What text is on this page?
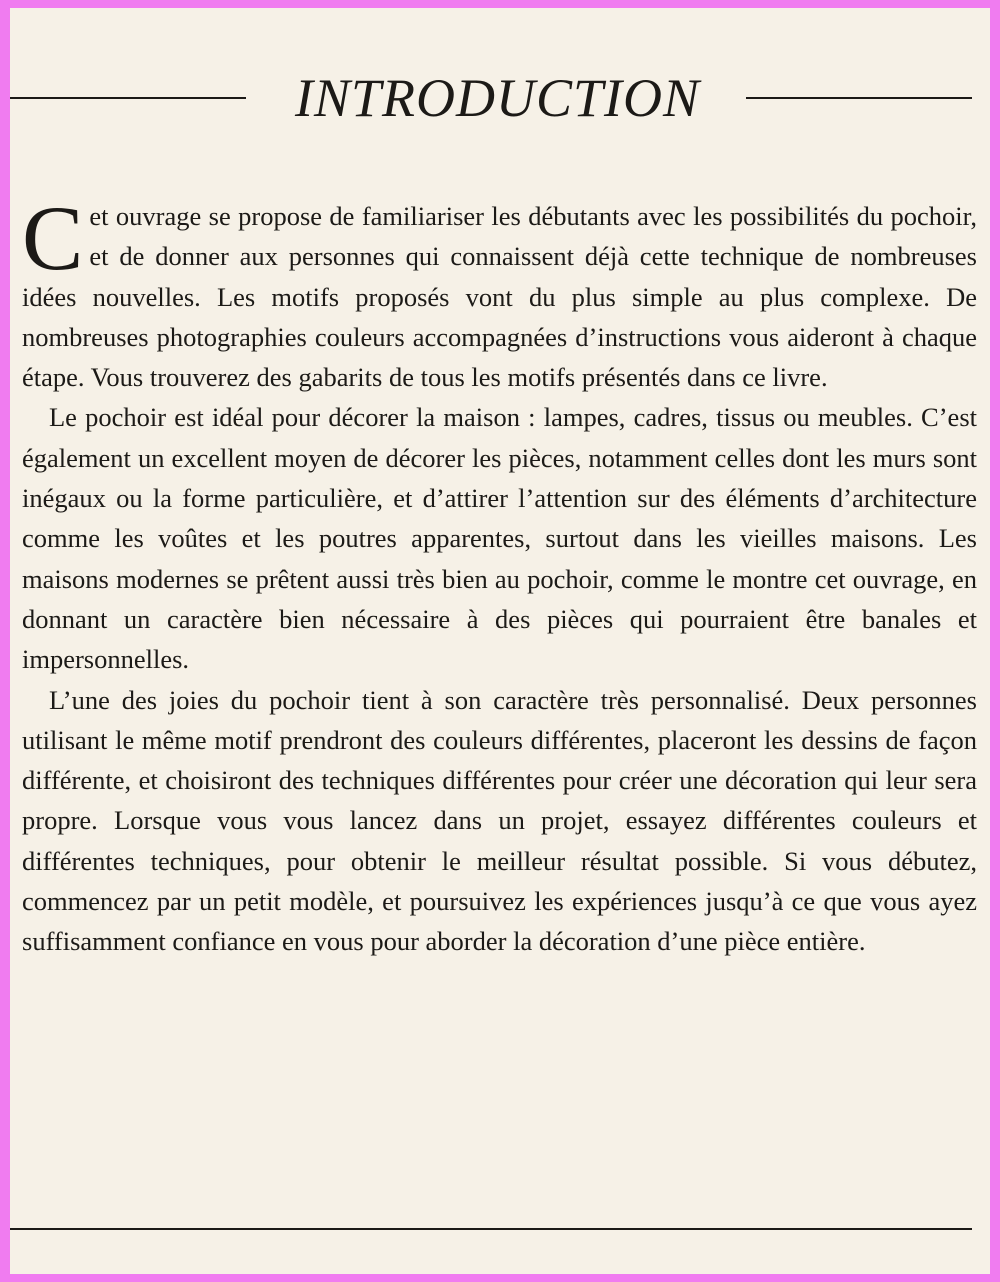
INTRODUCTION

Cet ouvrage se propose de familiariser les débutants avec les possibilités du pochoir, et de donner aux personnes qui connaissent déjà cette technique de nombreuses idées nouvelles. Les motifs proposés vont du plus simple au plus complexe. De nombreuses photographies couleurs accompagnées d’instructions vous aideront à chaque étape. Vous trouverez des gabarits de tous les motifs présentés dans ce livre.

Le pochoir est idéal pour décorer la maison : lampes, cadres, tissus ou meubles. C’est également un excellent moyen de décorer les pièces, notamment celles dont les murs sont inégaux ou la forme particulière, et d’attirer l’attention sur des éléments d’architecture comme les voûtes et les poutres apparentes, surtout dans les vieilles maisons. Les maisons modernes se prêtent aussi très bien au pochoir, comme le montre cet ouvrage, en donnant un caractère bien nécessaire à des pièces qui pourraient être banales et impersonnelles.

L’une des joies du pochoir tient à son caractère très personnalisé. Deux personnes utilisant le même motif prendront des couleurs différentes, placeront les dessins de façon différente, et choisiront des techniques différentes pour créer une décoration qui leur sera propre. Lorsque vous vous lancez dans un projet, essayez différentes couleurs et différentes techniques, pour obtenir le meilleur résultat possible. Si vous débutez, commencez par un petit modèle, et poursuivez les expériences jusqu’à ce que vous ayez suffisamment confiance en vous pour aborder la décoration d’une pièce entière.
